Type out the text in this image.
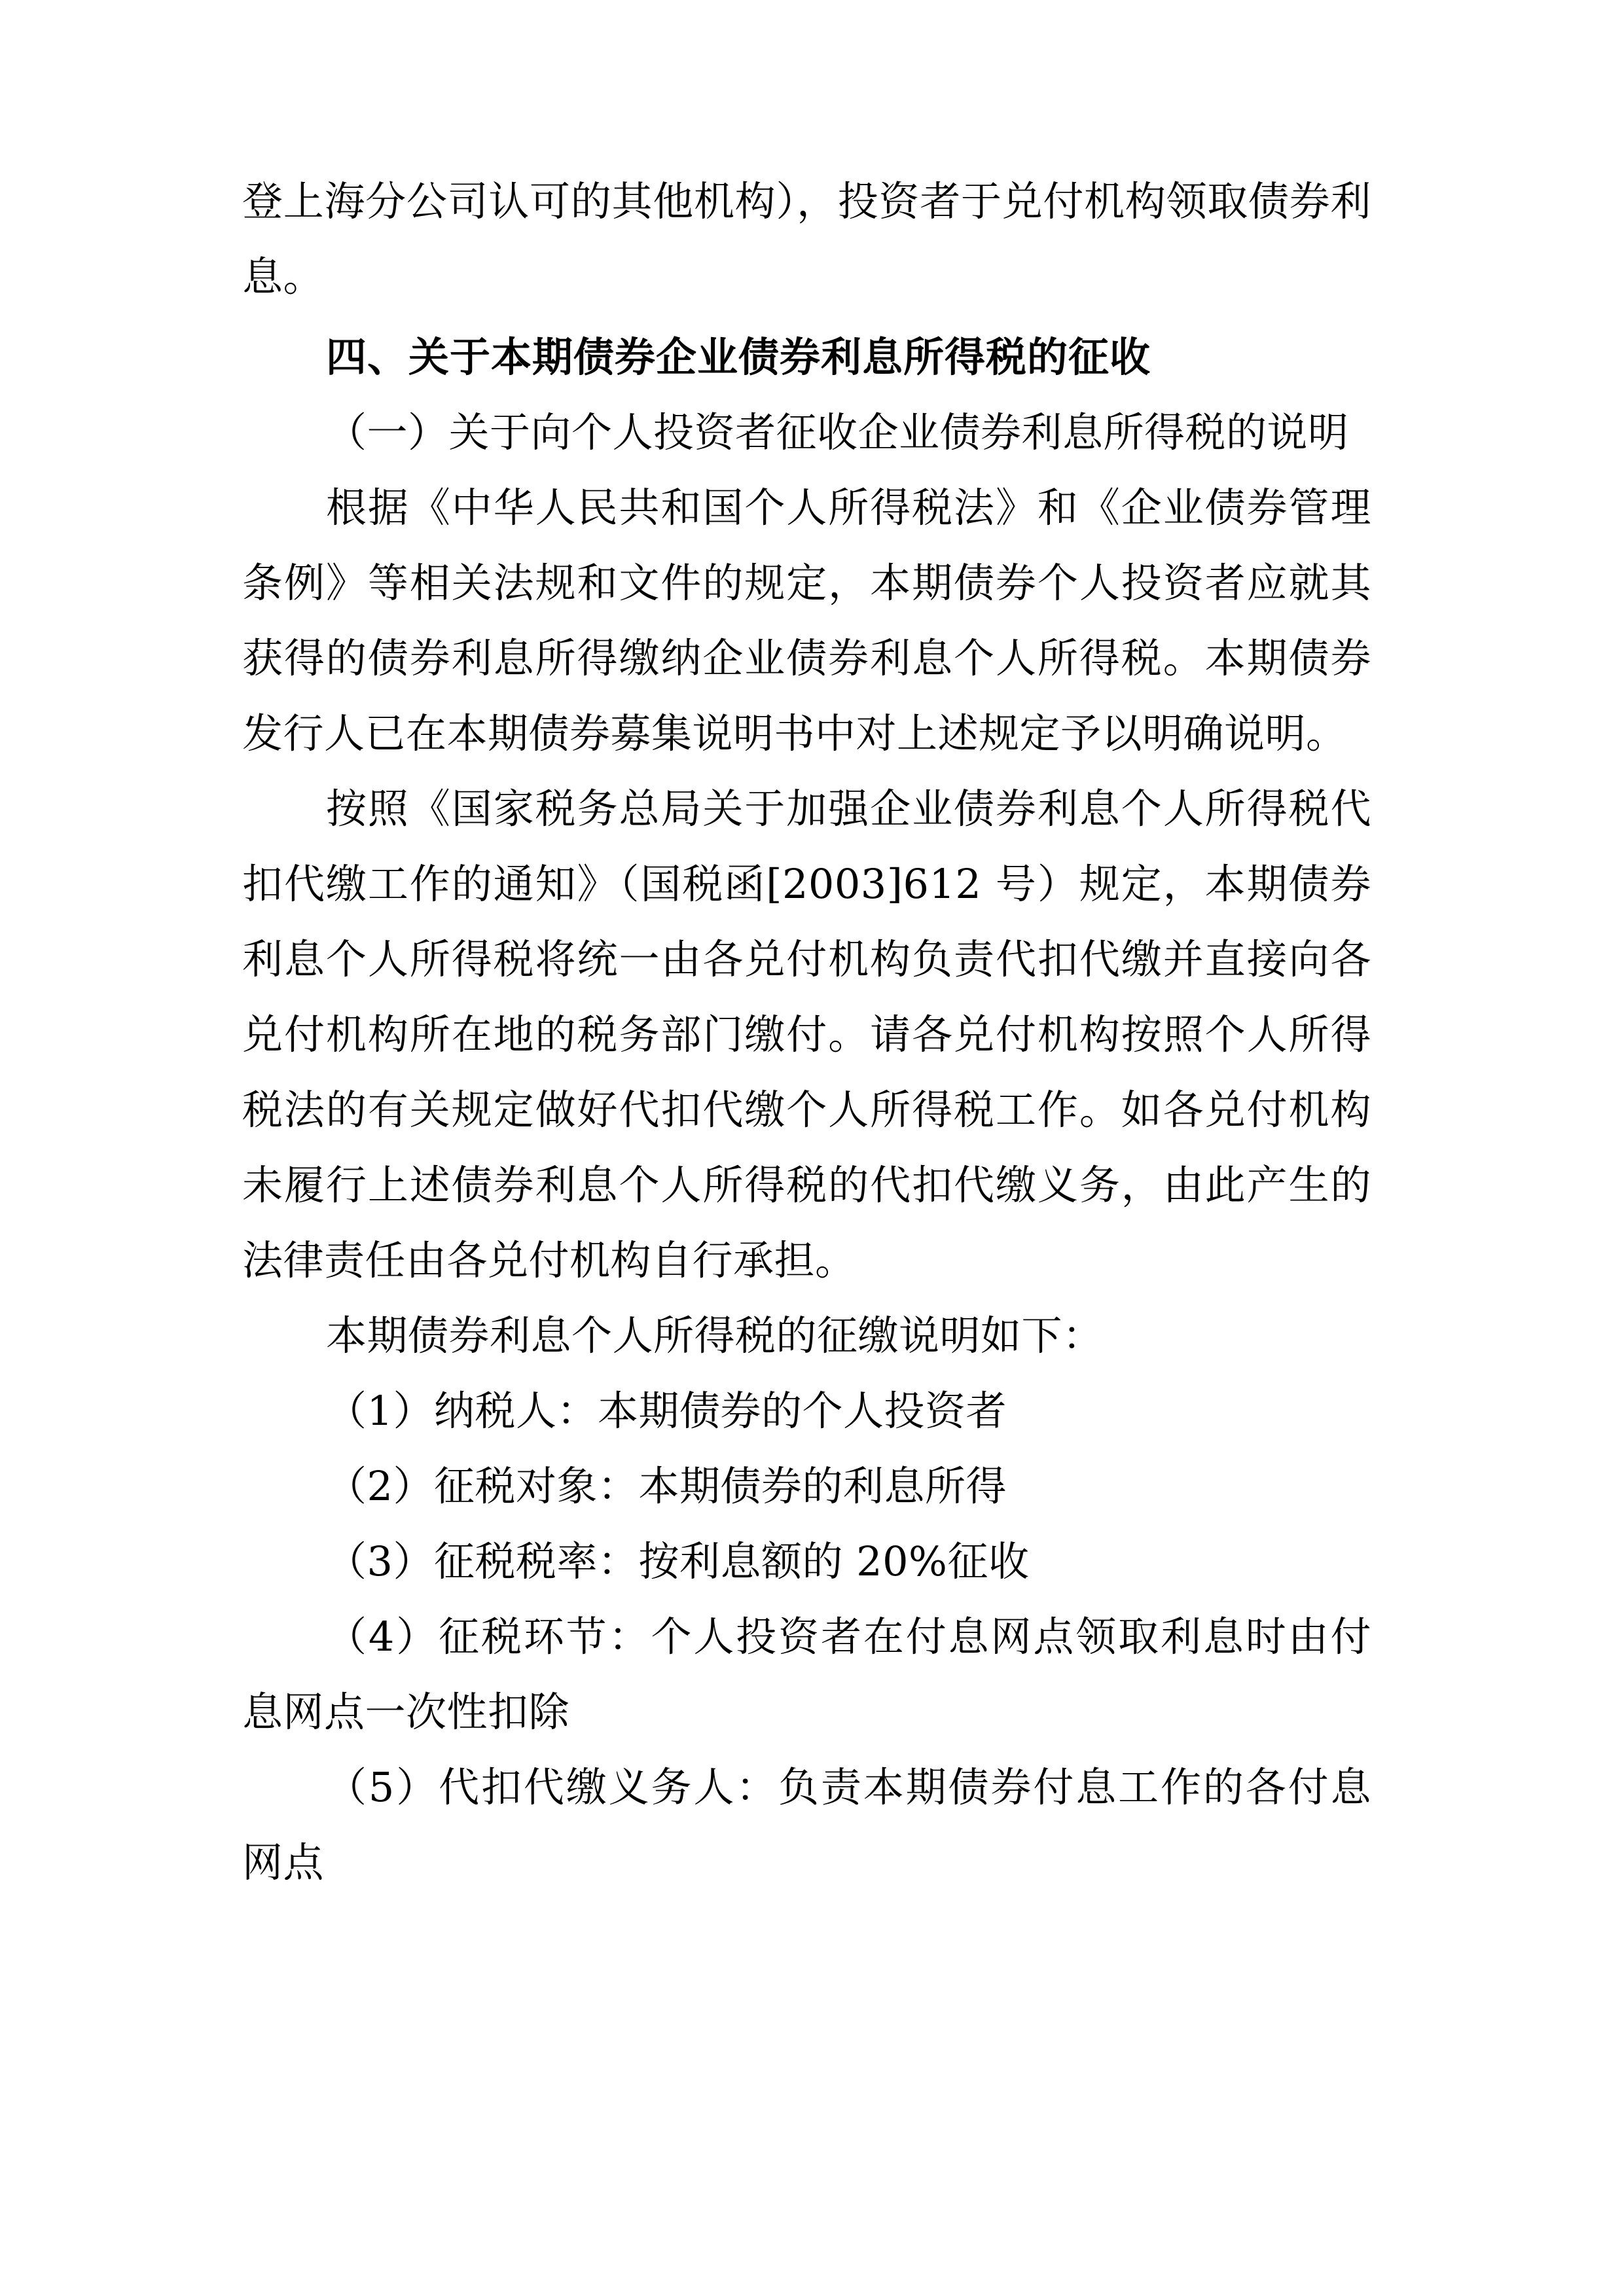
登上海分公司认可的其他机构），投资者于兑付机构领取债券利息。

四、关于本期债券企业债券利息所得税的征收

（一）关于向个人投资者征收企业债券利息所得税的说明

根据《中华人民共和国个人所得税法》和《企业债券管理条例》等相关法规和文件的规定，本期债券个人投资者应就其获得的债券利息所得缴纳企业债券利息个人所得税。本期债券发行人已在本期债券募集说明书中对上述规定予以明确说明。

按照《国家税务总局关于加强企业债券利息个人所得税代扣代缴工作的通知》（国税函[2003]612 号）规定，本期债券利息个人所得税将统一由各兑付机构负责代扣代缴并直接向各兑付机构所在地的税务部门缴付。请各兑付机构按照个人所得税法的有关规定做好代扣代缴个人所得税工作。如各兑付机构未履行上述债券利息个人所得税的代扣代缴义务，由此产生的法律责任由各兑付机构自行承担。

本期债券利息个人所得税的征缴说明如下：

（1）纳税人：本期债券的个人投资者

（2）征税对象：本期债券的利息所得

（3）征税税率：按利息额的 20%征收

（4）征税环节：个人投资者在付息网点领取利息时由付息网点一次性扣除

（5）代扣代缴义务人：负责本期债券付息工作的各付息网点
